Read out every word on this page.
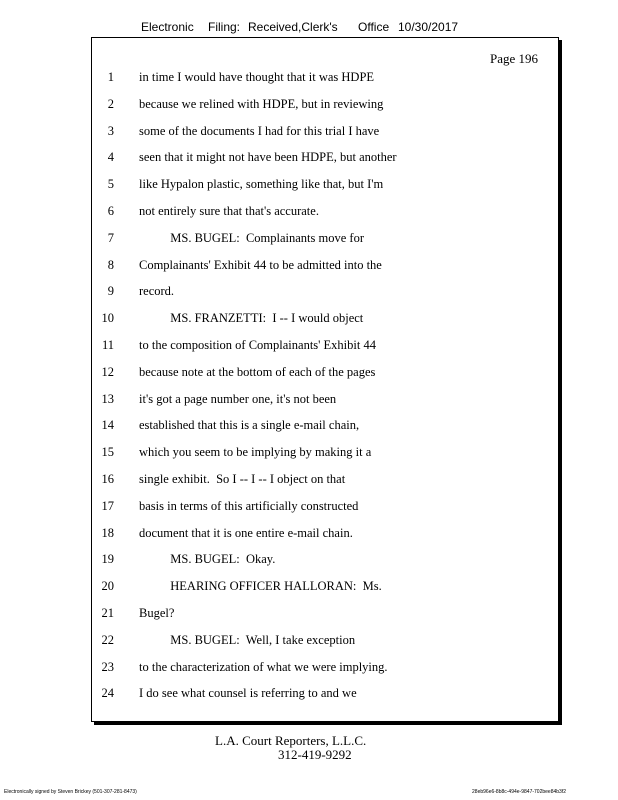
Electronic Filing: Received,Clerk's Office 10/30/2017
Page 196
1 in time I would have thought that it was HDPE
2 because we relined with HDPE, but in reviewing
3 some of the documents I had for this trial I have
4 seen that it might not have been HDPE, but another
5 like Hypalon plastic, something like that, but I'm
6 not entirely sure that that's accurate.
7 MS. BUGEL:  Complainants move for
8 Complainants' Exhibit 44 to be admitted into the
9 record.
10 MS. FRANZETTI:  I -- I would object
11 to the composition of Complainants' Exhibit 44
12 because note at the bottom of each of the pages
13 it's got a page number one, it's not been
14 established that this is a single e-mail chain,
15 which you seem to be implying by making it a
16 single exhibit.  So I -- I -- I object on that
17 basis in terms of this artificially constructed
18 document that it is one entire e-mail chain.
19 MS. BUGEL:  Okay.
20 HEARING OFFICER HALLORAN:  Ms.
21 Bugel?
22 MS. BUGEL:  Well, I take exception
23 to the characterization of what we were implying.
24 I do see what counsel is referring to and we
L.A. Court Reporters, L.L.C.
312-419-9292
Electronically signed by Steven Brickey (501-307-281-8473)	28eb96e6-8b8c-494e-9847-702bee84b3f2
